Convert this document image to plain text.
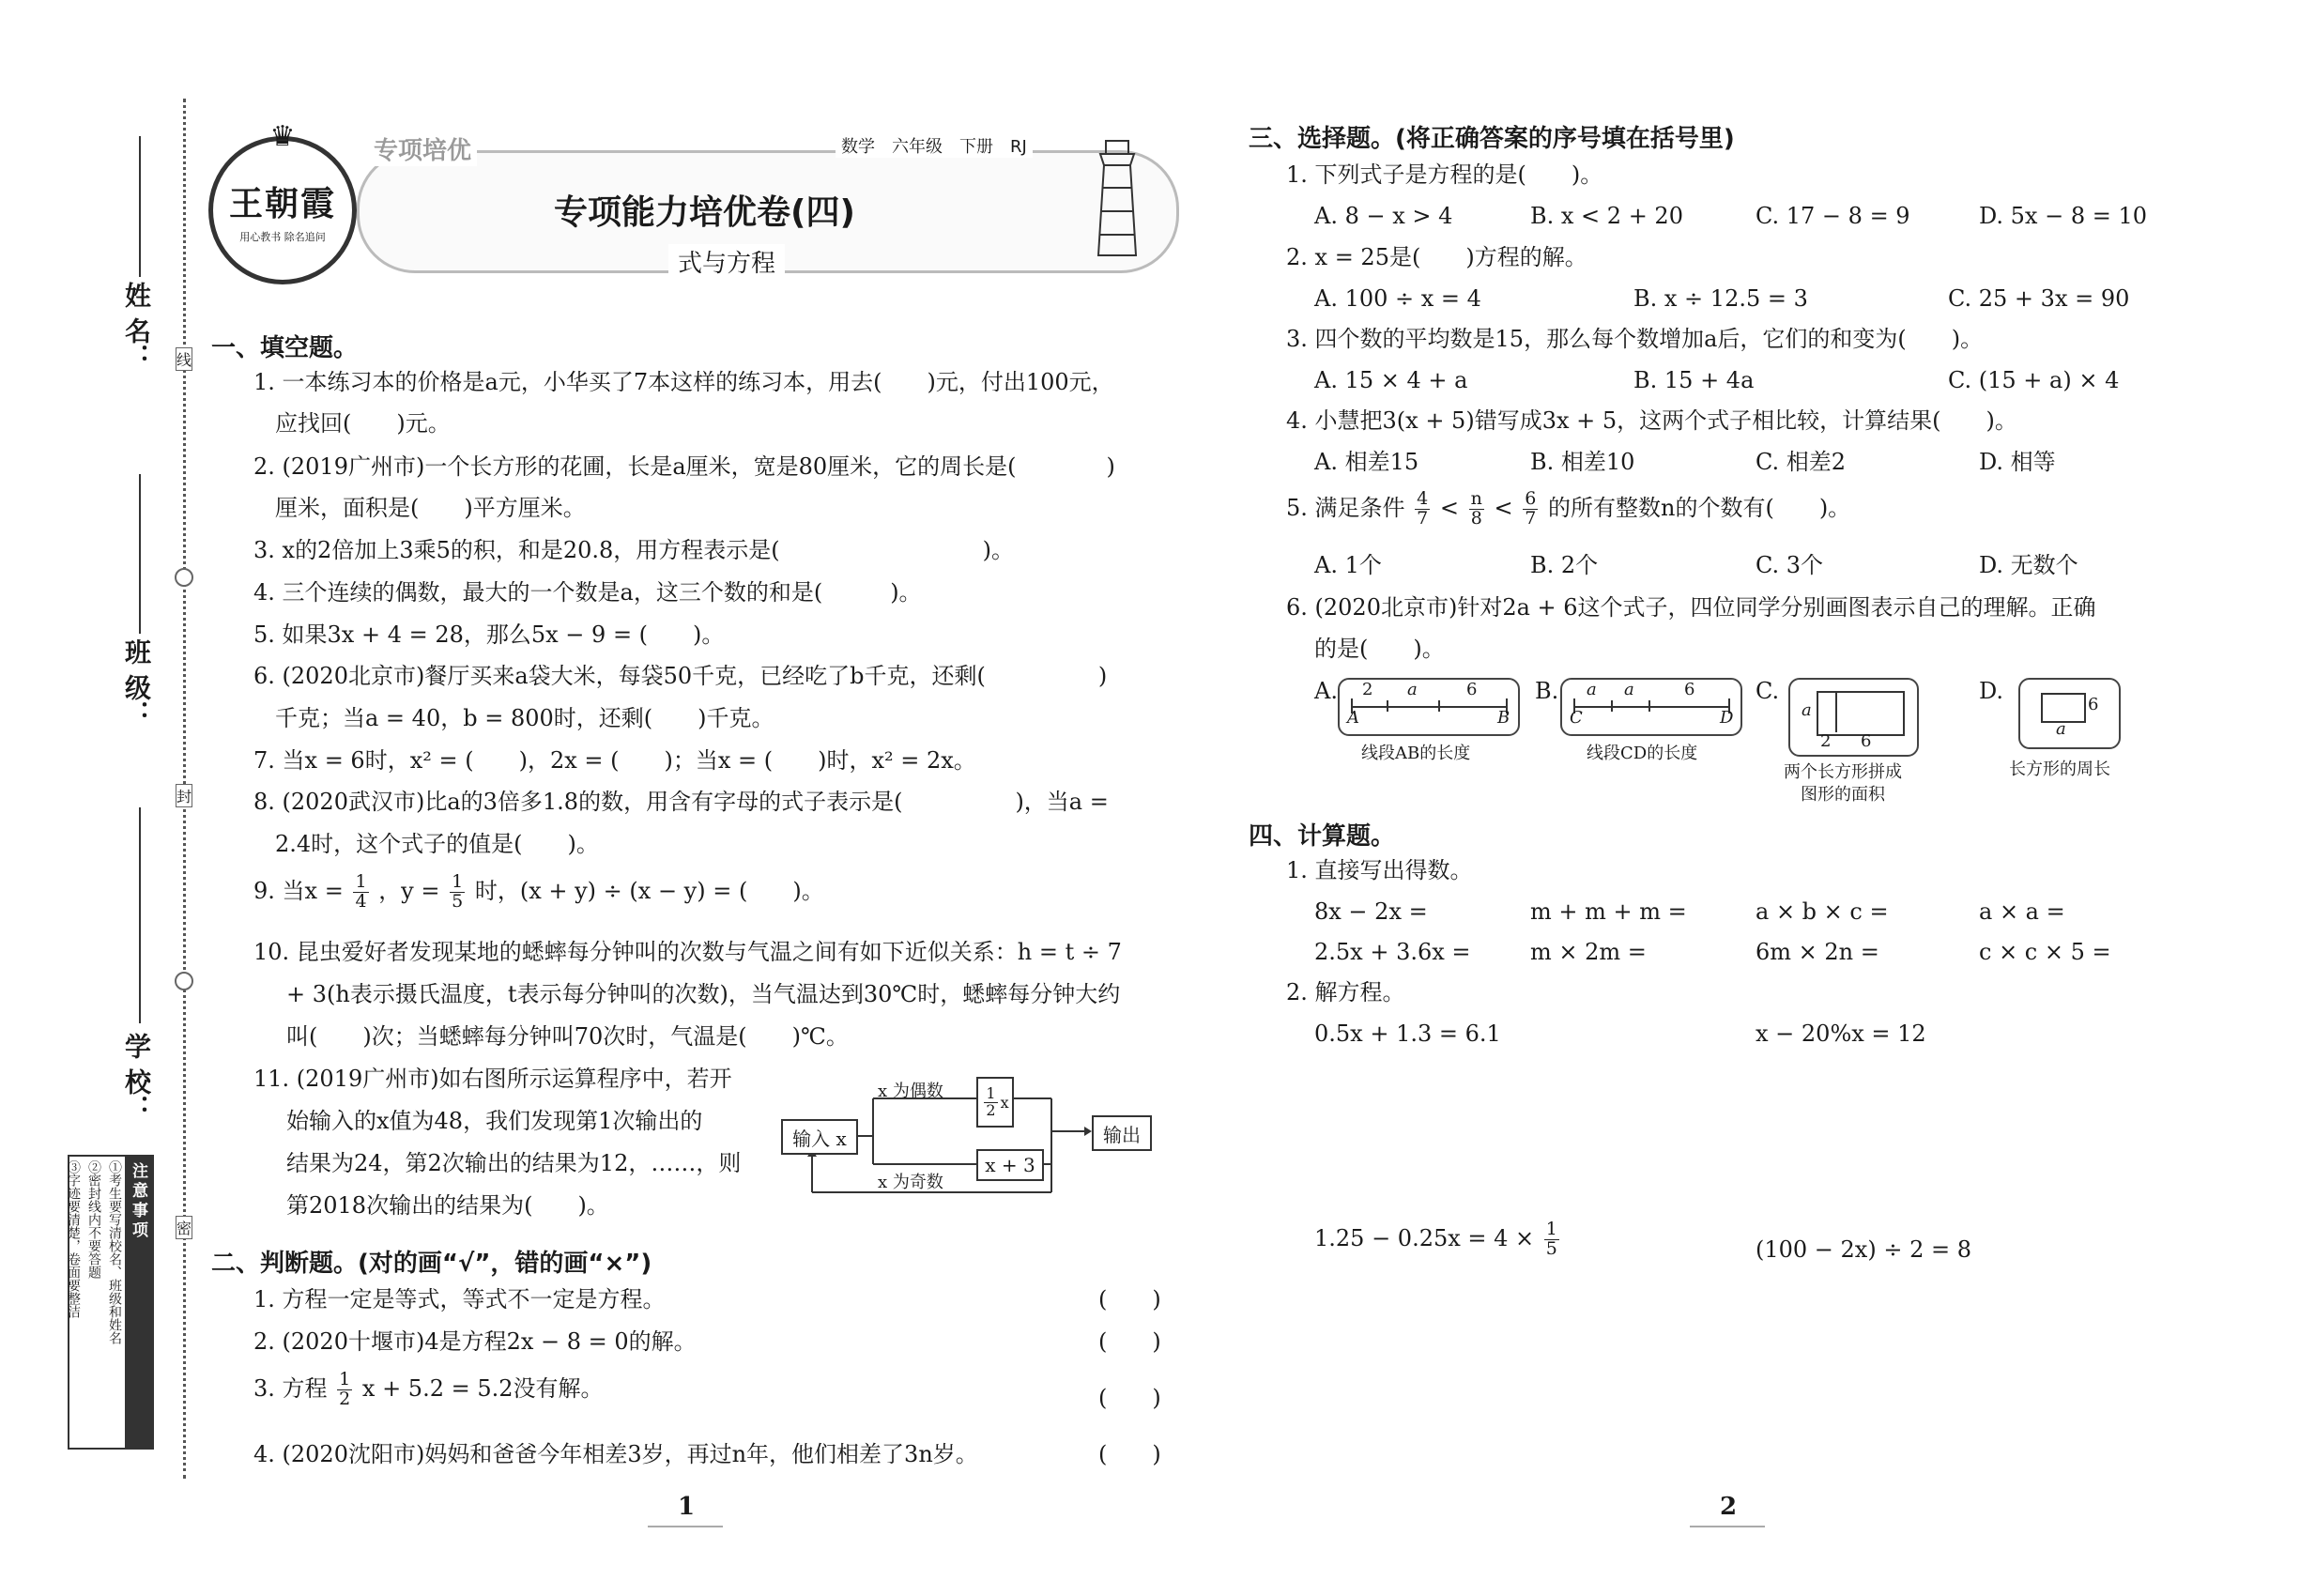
姓 名：
班 级：
学 校：
线
封
密
注意事项
①考生要写清校名、班级和姓名
②密封线内不要答题
③字迹要清楚，卷面要整洁
♛
王朝霞
用心教书 除名追问
专项培优	数学　六年级　下册　RJ
专项能力培优卷(四)
式与方程
一、填空题。
1. 一本练习本的价格是a元，小华买了7本这样的练习本，用去(　　)元，付出100元，
应找回(　　)元。
2. (2019广州市)一个长方形的花圃，长是a厘米，宽是80厘米，它的周长是(　　　　)
厘米，面积是(　　)平方厘米。
3. x的2倍加上3乘5的积，和是20.8，用方程表示是(　　　　　　　　　)。
4. 三个连续的偶数，最大的一个数是a，这三个数的和是(　　　)。
5. 如果3x + 4 = 28，那么5x − 9 = (　　)。
6. (2020北京市)餐厅买来a袋大米，每袋50千克，已经吃了b千克，还剩(　　　　　)
千克；当a = 40，b = 800时，还剩(　　)千克。
7. 当x = 6时，x² = (　　)，2x = (　　)；当x = (　　)时，x² = 2x。
8. (2020武汉市)比a的3倍多1.8的数，用含有字母的式子表示是(　　　　　)，当a =
2.4时，这个式子的值是(　　)。
9. 当$x = \frac{1}{4}$ ，$y = \frac{1}{5}$ 时，(x + y) ÷ (x − y) = (　　)。
10. 昆虫爱好者发现某地的蟋蟀每分钟叫的次数与气温之间有如下近似关系：h = t ÷ 7
+ 3(h表示摄氏温度，t表示每分钟叫的次数)，当气温达到30℃时，蟋蟀每分钟大约
叫(　　)次；当蟋蟀每分钟叫70次时，气温是(　　)℃。
11. (2019广州市)如右图所示运算程序中，若开
始输入的x值为48，我们发现第1次输出的
结果为24，第2次输出的结果为12，……，则
第2018次输出的结果为(　　)。
输入 x
x 为偶数
x 为奇数
$\frac{1}{2}$ x
x + 3
输出
二、判断题。(对的画“√”，错的画“×”)
1. 方程一定是等式，等式不一定是方程。	(　　)
2. (2020十堰市)4是方程2x − 8 = 0的解。	(　　)
3. 方程 $\frac{1}{2}$ x + 5.2 = 5.2没有解。	(　　)
4. (2020沈阳市)妈妈和爸爸今年相差3岁，再过n年，他们相差了3n岁。	(　　)
三、选择题。(将正确答案的序号填在括号里)
1. 下列式子是方程的是(　　)。
A. 8 − x > 4	B. x < 2 + 20	C. 17 − 8 = 9	D. 5x − 8 = 10
2. x = 25是(　　)方程的解。
A. 100 ÷ x = 4	B. x ÷ 12.5 = 3	C. 25 + 3x = 90
3. 四个数的平均数是15，那么每个数增加a后，它们的和变为(　　)。
A. 15 × 4 + a	B. 15 + 4a	C. (15 + a) × 4
4. 小慧把3(x + 5)错写成3x + 5，这两个式子相比较，计算结果(　　)。
A. 相差15	B. 相差10	C. 相差2	D. 相等
5. 满足条件 $\frac{4}{7} < \frac{n}{8} < \frac{6}{7}$ 的所有整数n的个数有(　　)。
A. 1个	B. 2个	C. 3个	D. 无数个
6. (2020北京市)针对2a + 6这个式子，四位同学分别画图表示自己的理解。正确
的是(　　)。
A. 2 a	6
A	B
线段AB的长度
B. a a	6
C	D
线段CD的长度
C.
a
2 6
两个长方形拼成
图形的面积
D.
6
a
长方形的周长
四、计算题。
1. 直接写出得数。
8x − 2x =	m + m + m =	a × b × c =	a × a =
2.5x + 3.6x =	m × 2m =	6m × 2n =	c × c × 5 =
2. 解方程。
0.5x + 1.3 = 6.1	x − 20%x = 12
$1.25 - 0.25x = 4 \times \frac{1}{5}$	(100 − 2x) ÷ 2 = 8
1	2
